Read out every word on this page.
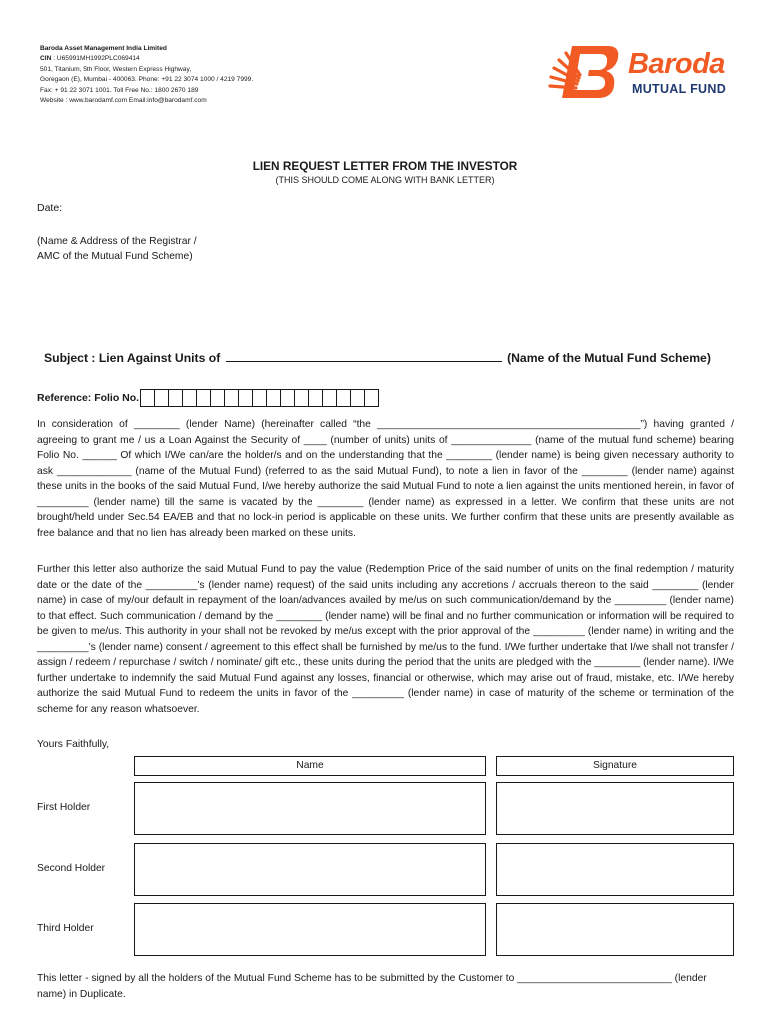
Baroda Asset Management India Limited
CIN : U65991MH1992PLC069414
501, Titanium, 5th Floor, Western Express Highway,
Goregaon (E), Mumbai - 400063. Phone: +91 22 3074 1000 / 4219 7999.
Fax: + 91 22 3071 1001. Toll Free No.: 1800 2670 189
Website : www.barodamf.com Email:info@barodamf.com
Baroda
MUTUAL FUND
LIEN REQUEST LETTER FROM THE INVESTOR
(THIS SHOULD COME ALONG WITH BANK LETTER)
Date:
(Name & Address of the Registrar /
AMC of the Mutual Fund Scheme)
Subject : Lien Against Units of	(Name of the Mutual Fund Scheme)
Reference: Folio No.
In consideration of ________ (lender Name) (hereinafter called “the ______________________________________________”) having granted / agreeing to grant me / us a Loan Against the Security of ____ (number of units) units of ______________ (name of the mutual fund scheme) bearing Folio No. ______ Of which I/We can/are the holder/s and on the understanding that the ________ (lender name) is being given necessary authority to ask _____________ (name of the Mutual Fund) (referred to as the said Mutual Fund), to note a lien in favor of the ________ (lender name) against these units in the books of the said Mutual Fund, I/we hereby authorize the said Mutual Fund to note a lien against the units mentioned herein, in favor of _________ (lender name) till the same is vacated by the ________ (lender name) as expressed in a letter. We confirm that these units are not brought/held under Sec.54 EA/EB and that no lock-in period is applicable on these units. We further confirm that these units are presently available as free balance and that no lien has already been marked on these units.
Further this letter also authorize the said Mutual Fund to pay the value (Redemption Price of the said number of units on the final redemption / maturity date or the date of the _________’s (lender name) request) of the said units including any accretions / accruals thereon to the said ________ (lender name) in case of my/our default in repayment of the loan/advances availed by me/us on such communication/demand by the _________ (lender name) to that effect. Such communication / demand by the ________ (lender name) will be final and no further communication or information will be required to be given to me/us. This authority in your shall not be revoked by me/us except with the prior approval of the _________ (lender name) in writing and the _________’s (lender name) consent / agreement to this effect shall be furnished by me/us to the fund. I/We further undertake that I/we shall not transfer / assign / redeem / repurchase / switch / nominate/ gift etc., these units during the period that the units are pledged with the ________ (lender name). I/We further undertake to indemnify the said Mutual Fund against any losses, financial or otherwise, which may arise out of fraud, mistake, etc. I/We hereby authorize the said Mutual Fund to redeem the units in favor of the _________ (lender name) in case of maturity of the scheme or termination of the scheme for any reason whatsoever.
Yours Faithfully,
Name	Signature
First Holder
Second Holder
Third Holder
This letter - signed by all the holders of the Mutual Fund Scheme has to be submitted by the Customer to ___________________________ (lender name) in Duplicate.
